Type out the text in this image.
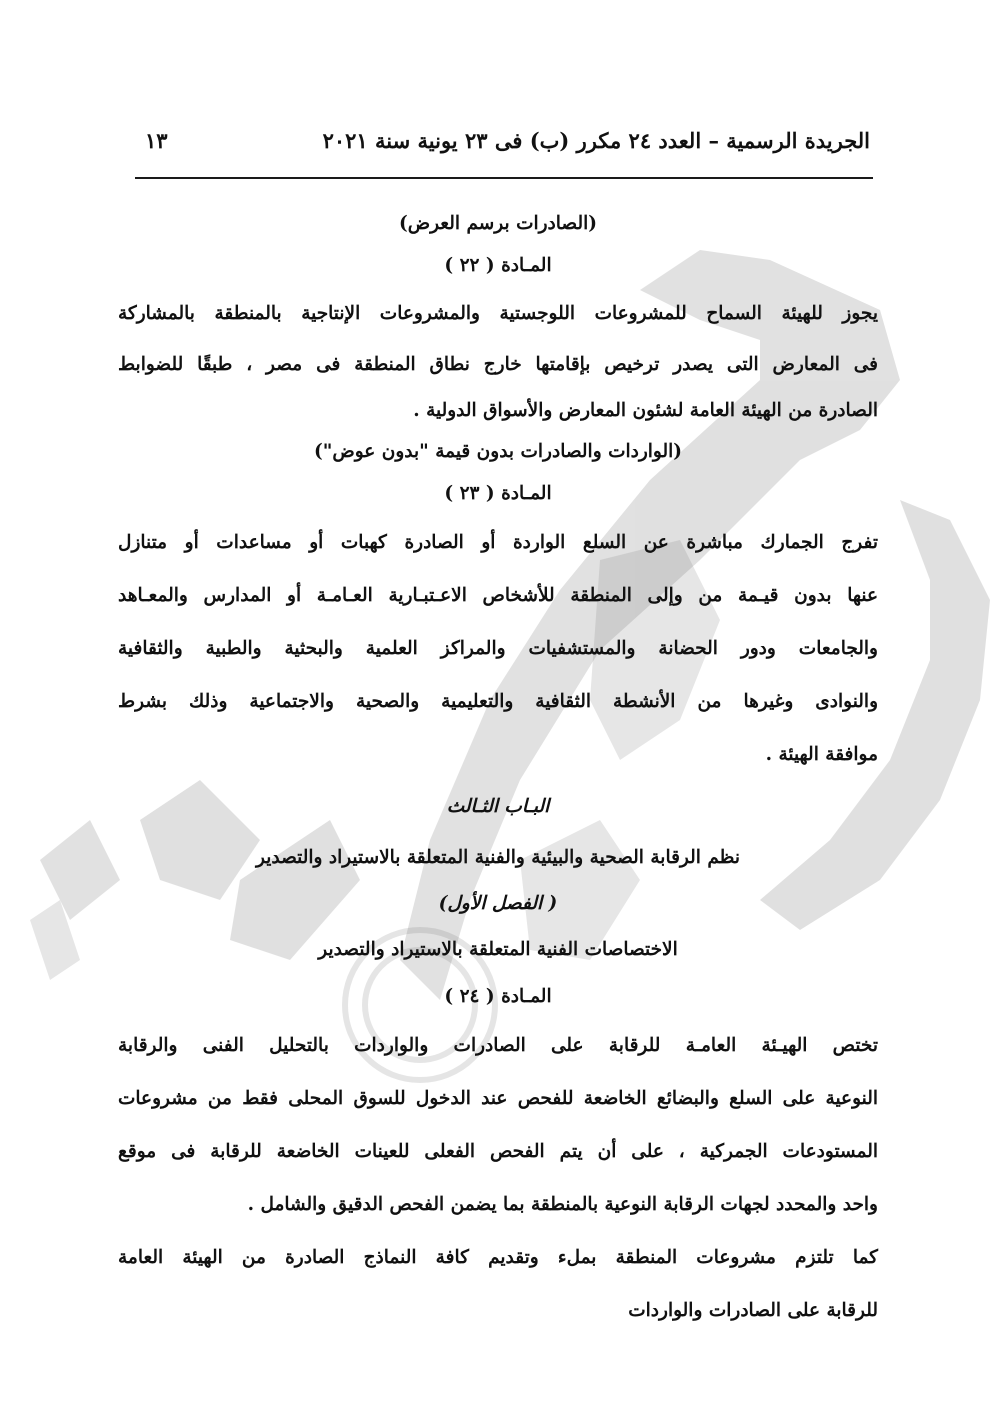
الجريدة الرسمية – العدد ٢٤ مكرر (ب) فى ٢٣ يونية سنة ٢٠٢١
١٣
(الصادرات برسم العرض)
المـادة ( ٢٢ )
يجوز للهيئة السماح للمشروعات اللوجستية والمشروعات الإنتاجية بالمنطقة بالمشاركة
فى المعارض التى يصدر ترخيص بإقامتها خارج نطاق المنطقة فى مصر ، طبقًا للضوابط
الصادرة من الهيئة العامة لشئون المعارض والأسواق الدولية .
(الواردات والصادرات بدون قيمة "بدون عوض")
المـادة ( ٢٣ )
تفرج الجمارك مباشرة عن السلع الواردة أو الصادرة كهبات أو مساعدات أو متنازل
عنها بدون قيـمة من وإلى المنطقة للأشخاص الاعـتبـارية العـامـة أو المدارس والمعـاهد
والجامعات ودور الحضانة والمستشفيات والمراكز العلمية والبحثية والطبية والثقافية
والنوادى وغيرها من الأنشطة الثقافية والتعليمية والصحية والاجتماعية وذلك بشرط
موافقة الهيئة .
البـاب الثـالث
نظم الرقابة الصحية والبيئية والفنية المتعلقة بالاستيراد والتصدير
( الفصل الأول)
الاختصاصات الفنية المتعلقة بالاستيراد والتصدير
المـادة ( ٢٤ )
تختص الهيـئة العامـة للرقابة على الصادرات والواردات بالتحليل الفنى والرقابة
النوعية على السلع والبضائع الخاضعة للفحص عند الدخول للسوق المحلى فقط من مشروعات
المستودعات الجمركية ، على أن يتم الفحص الفعلى للعينات الخاضعة للرقابة فى موقع
واحد والمحدد لجهات الرقابة النوعية بالمنطقة بما يضمن الفحص الدقيق والشامل .
كما تلتزم مشروعات المنطقة بملء وتقديم كافة النماذج الصادرة من الهيئة العامة
للرقابة على الصادرات والواردات
